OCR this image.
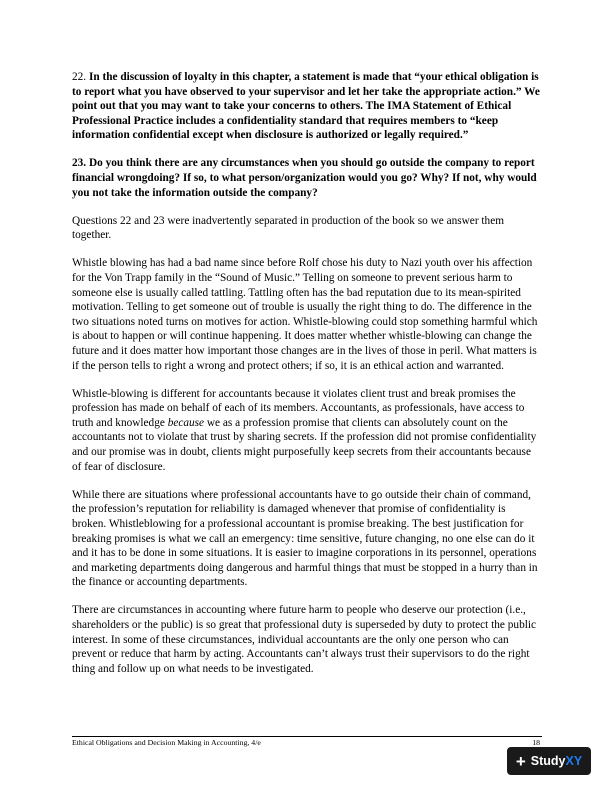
22. In the discussion of loyalty in this chapter, a statement is made that “your ethical obligation is to report what you have observed to your supervisor and let her take the appropriate action.” We point out that you may want to take your concerns to others. The IMA Statement of Ethical Professional Practice includes a confidentiality standard that requires members to “keep information confidential except when disclosure is authorized or legally required.”

23. Do you think there are any circumstances when you should go outside the company to report financial wrongdoing? If so, to what person/organization would you go? Why? If not, why would you not take the information outside the company?

Questions 22 and 23 were inadvertently separated in production of the book so we answer them together.

Whistle blowing has had a bad name since before Rolf chose his duty to Nazi youth over his affection for the Von Trapp family in the “Sound of Music.” Telling on someone to prevent serious harm to someone else is usually called tattling. Tattling often has the bad reputation due to its mean-spirited motivation. Telling to get someone out of trouble is usually the right thing to do. The difference in the two situations noted turns on motives for action. Whistle-blowing could stop something harmful which is about to happen or will continue happening. It does matter whether whistle-blowing can change the future and it does matter how important those changes are in the lives of those in peril. What matters is if the person tells to right a wrong and protect others; if so, it is an ethical action and warranted.

Whistle-blowing is different for accountants because it violates client trust and break promises the profession has made on behalf of each of its members. Accountants, as professionals, have access to truth and knowledge because we as a profession promise that clients can absolutely count on the accountants not to violate that trust by sharing secrets. If the profession did not promise confidentiality and our promise was in doubt, clients might purposefully keep secrets from their accountants because of fear of disclosure.

While there are situations where professional accountants have to go outside their chain of command, the profession’s reputation for reliability is damaged whenever that promise of confidentiality is broken. Whistleblowing for a professional accountant is promise breaking. The best justification for breaking promises is what we call an emergency: time sensitive, future changing, no one else can do it and it has to be done in some situations. It is easier to imagine corporations in its personnel, operations and marketing departments doing dangerous and harmful things that must be stopped in a hurry than in the finance or accounting departments.

There are circumstances in accounting where future harm to people who deserve our protection (i.e., shareholders or the public) is so great that professional duty is superseded by duty to protect the public interest. In some of these circumstances, individual accountants are the only one person who can prevent or reduce that harm by acting. Accountants can’t always trust their supervisors to do the right thing and follow up on what needs to be investigated.

Ethical Obligations and Decision Making in Accounting, 4/e	18
+ Study XY
